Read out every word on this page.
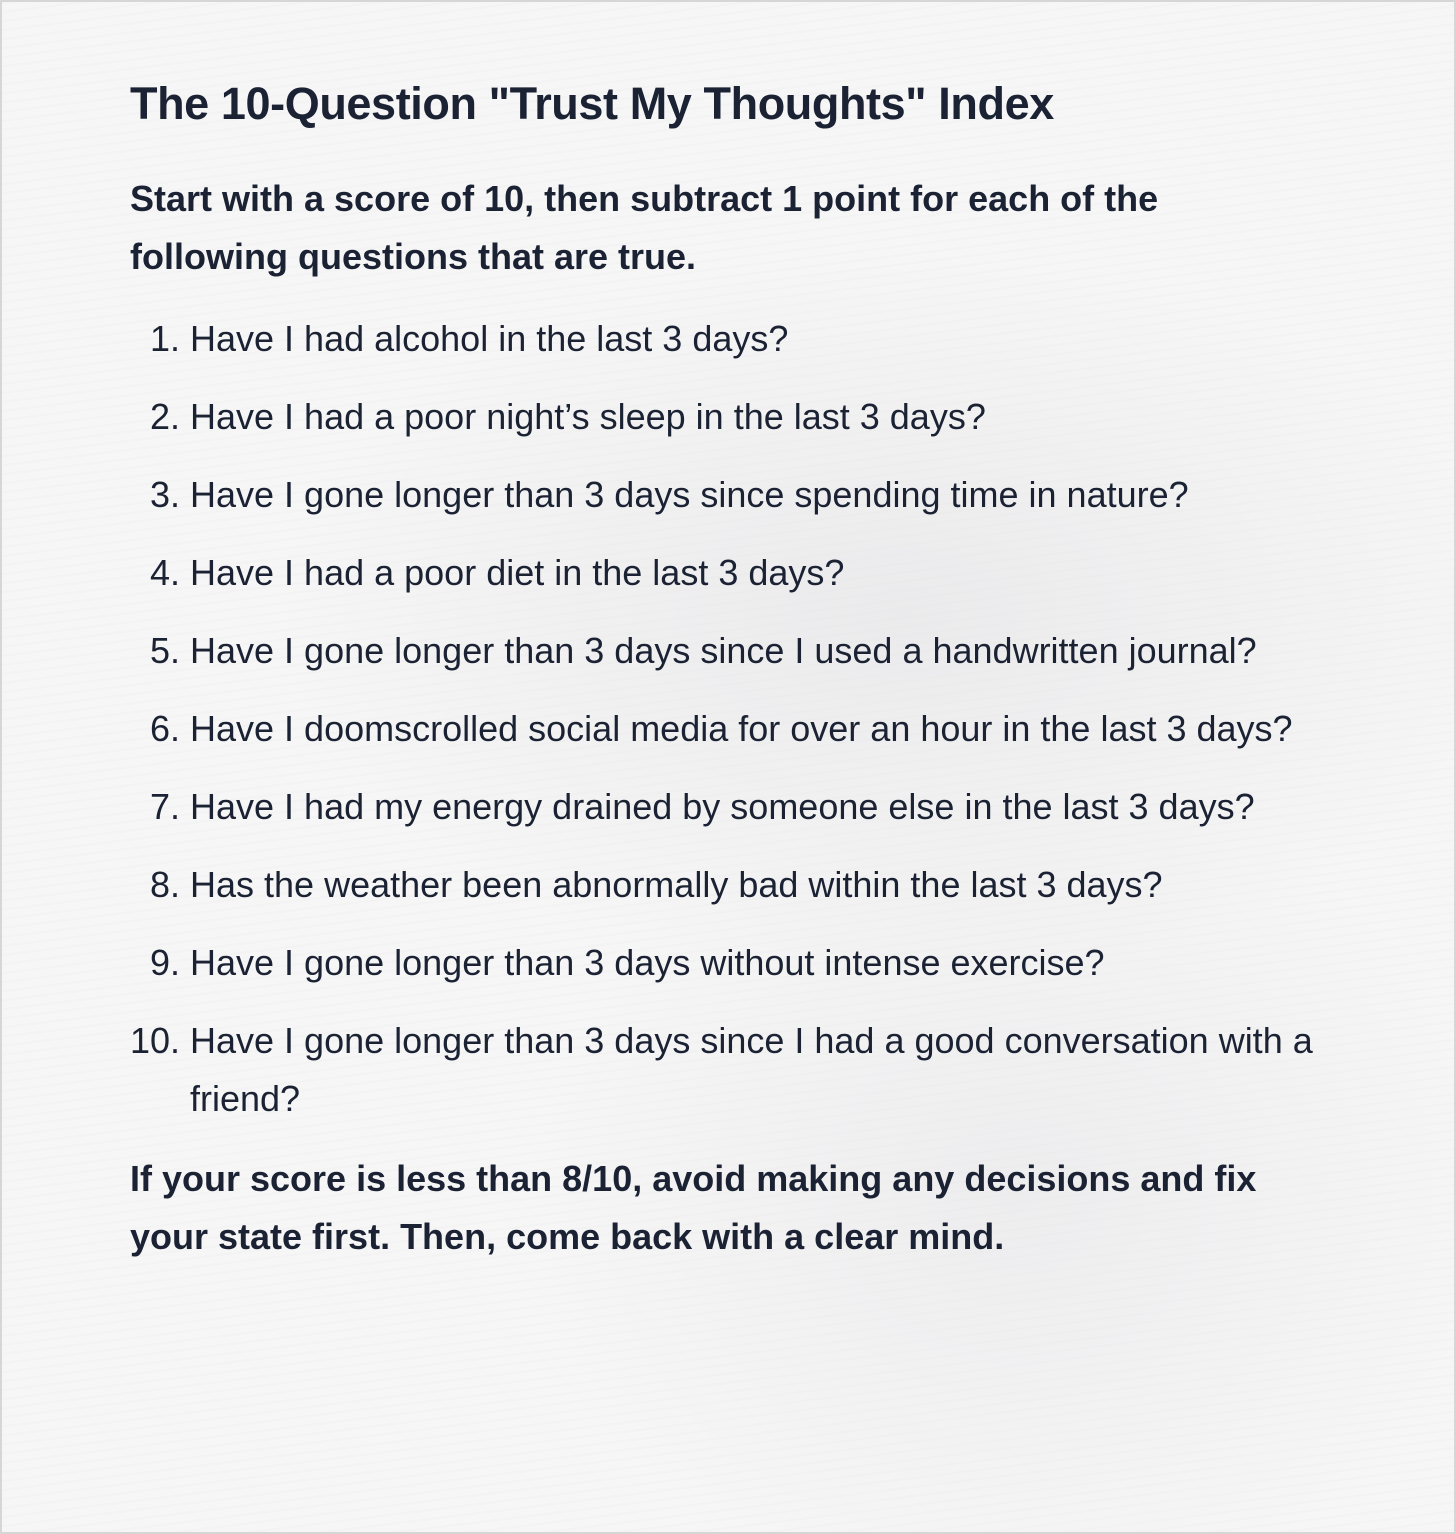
The 10-Question "Trust My Thoughts" Index

Start with a score of 10, then subtract 1 point for each of the following questions that are true.

1. Have I had alcohol in the last 3 days?
2. Have I had a poor night’s sleep in the last 3 days?
3. Have I gone longer than 3 days since spending time in nature?
4. Have I had a poor diet in the last 3 days?
5. Have I gone longer than 3 days since I used a handwritten journal?
6. Have I doomscrolled social media for over an hour in the last 3 days?
7. Have I had my energy drained by someone else in the last 3 days?
8. Has the weather been abnormally bad within the last 3 days?
9. Have I gone longer than 3 days without intense exercise?
10. Have I gone longer than 3 days since I had a good conversation with a friend?

If your score is less than 8/10, avoid making any decisions and fix your state first. Then, come back with a clear mind.
